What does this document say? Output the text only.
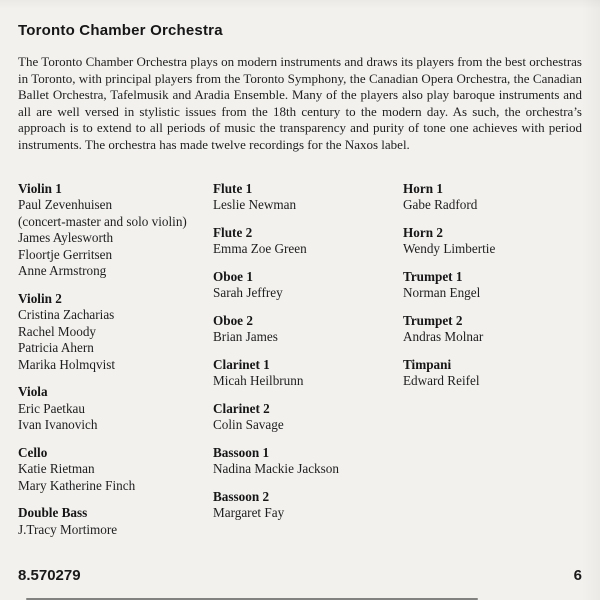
Toronto Chamber Orchestra
The Toronto Chamber Orchestra plays on modern instruments and draws its players from the best orchestras in Toronto, with principal players from the Toronto Symphony, the Canadian Opera Orchestra, the Canadian Ballet Orchestra, Tafelmusik and Aradia Ensemble. Many of the players also play baroque instruments and all are well versed in stylistic issues from the 18th century to the modern day. As such, the orchestra’s approach is to extend to all periods of music the transparency and purity of tone one achieves with period instruments. The orchestra has made twelve recordings for the Naxos label.
Violin 1
Paul Zevenhuisen
(concert-master and solo violin)
James Aylesworth
Floortje Gerritsen
Anne Armstrong
Violin 2
Cristina Zacharias
Rachel Moody
Patricia Ahern
Marika Holmqvist
Viola
Eric Paetkau
Ivan Ivanovich
Cello
Katie Rietman
Mary Katherine Finch
Double Bass
J.Tracy Mortimore
Flute 1
Leslie Newman
Flute 2
Emma Zoe Green
Oboe 1
Sarah Jeffrey
Oboe 2
Brian James
Clarinet 1
Micah Heilbrunn
Clarinet 2
Colin Savage
Bassoon 1
Nadina Mackie Jackson
Bassoon 2
Margaret Fay
Horn 1
Gabe Radford
Horn 2
Wendy Limbertie
Trumpet 1
Norman Engel
Trumpet 2
Andras Molnar
Timpani
Edward Reifel
8.570279	6
